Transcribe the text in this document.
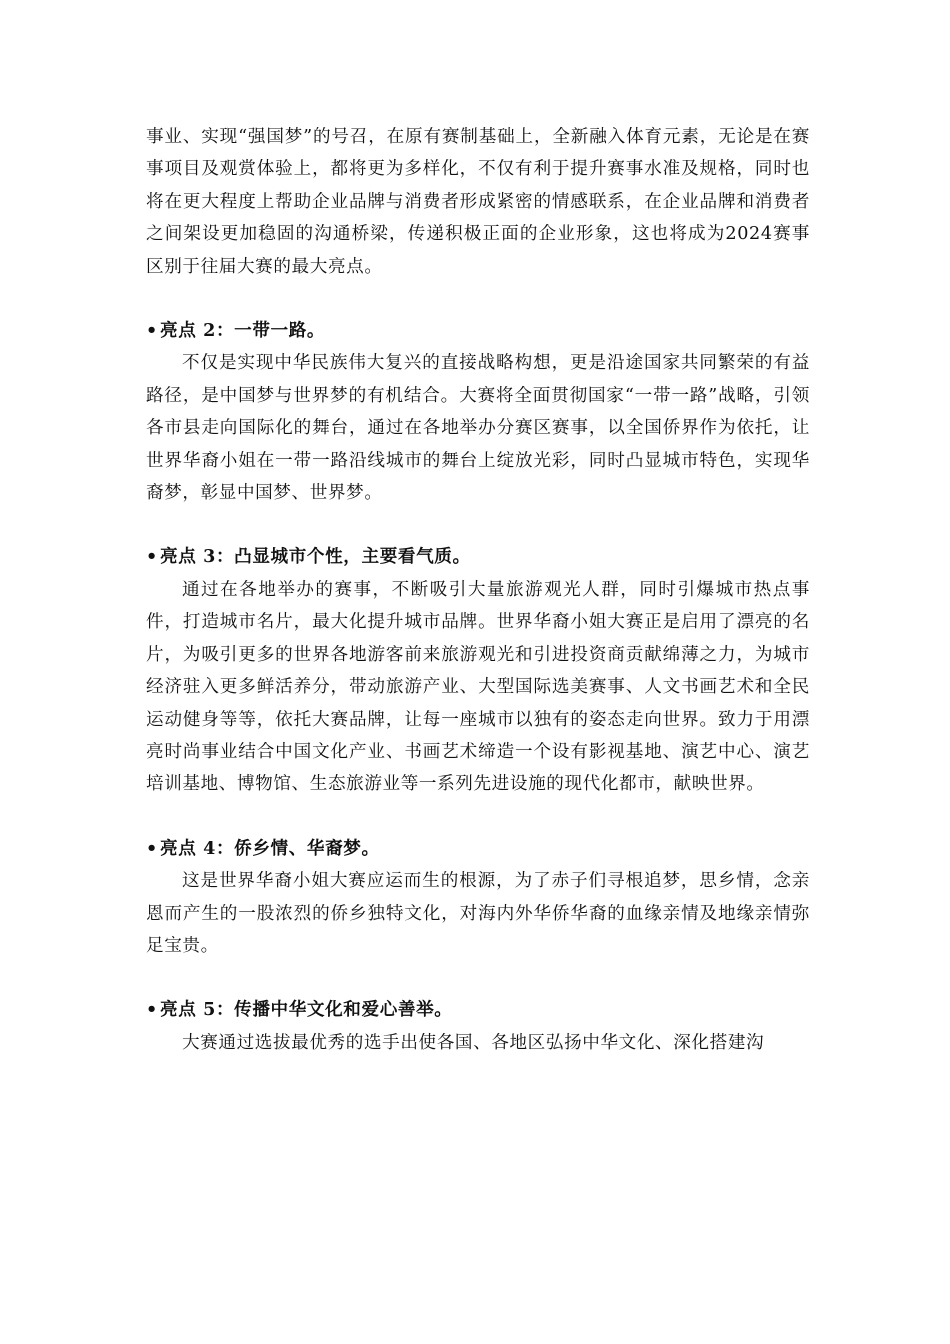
事业、实现“强国梦”的号召，在原有赛制基础上，全新融入体育元素，无论是在赛事项目及观赏体验上，都将更为多样化，不仅有利于提升赛事水准及规格，同时也将在更大程度上帮助企业品牌与消费者形成紧密的情感联系，在企业品牌和消费者之间架设更加稳固的沟通桥梁，传递积极正面的企业形象，这也将成为2024赛事区别于往届大赛的最大亮点。

• 亮点 2：一带一路。

不仅是实现中华民族伟大复兴的直接战略构想，更是沿途国家共同繁荣的有益路径，是中国梦与世界梦的有机结合。大赛将全面贯彻国家“一带一路”战略，引领各市县走向国际化的舞台，通过在各地举办分赛区赛事，以全国侨界作为依托，让世界华裔小姐在一带一路沿线城市的舞台上绽放光彩，同时凸显城市特色，实现华裔梦，彰显中国梦、世界梦。

• 亮点 3：凸显城市个性，主要看气质。

通过在各地举办的赛事，不断吸引大量旅游观光人群，同时引爆城市热点事件，打造城市名片，最大化提升城市品牌。世界华裔小姐大赛正是启用了漂亮的名片，为吸引更多的世界各地游客前来旅游观光和引进投资商贡献绵薄之力，为城市经济驻入更多鲜活养分，带动旅游产业、大型国际选美赛事、人文书画艺术和全民运动健身等等，依托大赛品牌，让每一座城市以独有的姿态走向世界。致力于用漂亮时尚事业结合中国文化产业、书画艺术缔造一个设有影视基地、演艺中心、演艺培训基地、博物馆、生态旅游业等一系列先进设施的现代化都市，献映世界。

• 亮点 4：侨乡情、华裔梦。

这是世界华裔小姐大赛应运而生的根源，为了赤子们寻根追梦，思乡情，念亲恩而产生的一股浓烈的侨乡独特文化，对海内外华侨华裔的血缘亲情及地缘亲情弥足宝贵。

• 亮点 5：传播中华文化和爱心善举。

大赛通过选拔最优秀的选手出使各国、各地区弘扬中华文化、深化搭建沟
